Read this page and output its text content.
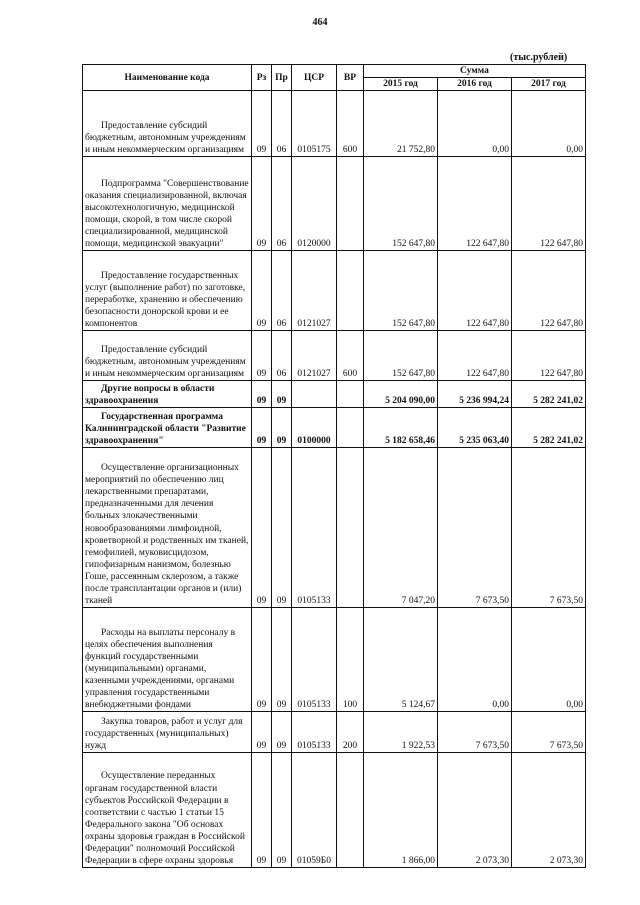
464
(тыс.рублей)
Наименование кода	Рз	Пр	ЦСР	ВР	Сумма		
					2015 год	2016 год	2017 год
Предоставление субсидий бюджетным, автономным учреждениям и иным некоммерческим организациям	09	06	0105175	600	21 752,80	0,00	0,00
Подпрограмма "Совершенствование оказания специализированной, включая высокотехнологичную, медицинской помощи, скорой, в том числе скорой специализированной, медицинской помощи, медицинской эвакуации"	09	06	0120000		152 647,80	122 647,80	122 647,80
Предоставление государственных услуг (выполнение работ) по заготовке, переработке, хранению и обеспечению безопасности донорской крови и ее компонентов	09	06	0121027		152 647,80	122 647,80	122 647,80
Предоставление субсидий бюджетным, автономным учреждениям и иным некоммерческим организациям	09	06	0121027	600	152 647,80	122 647,80	122 647,80
Другие вопросы в области здравоохранения	09	09			5 204 090,00	5 236 994,24	5 282 241,02
Государственная программа Калининградской области "Развитие здравоохранения"	09	09	0100000		5 182 658,46	5 235 063,40	5 282 241,02
Осуществление организационных мероприятий по обеспечению лиц лекарственными препаратами, предназначенными для лечения больных злокачественными новообразованиями лимфоидной, кроветворной и родственных им тканей, гемофилией, муковисцидозом, гипофизарным нанизмом, болезнью Гоше, рассеянным склерозом, а также после трансплантации органов и (или) тканей	09	09	0105133		7 047,20	7 673,50	7 673,50
Расходы на выплаты персоналу в целях обеспечения выполнения функций государственными (муниципальными) органами, казенными учреждениями, органами управления государственными внебюджетными фондами	09	09	0105133	100	5 124,67	0,00	0,00
Закупка товаров, работ и услуг для государственных (муниципальных) нужд	09	09	0105133	200	1 922,53	7 673,50	7 673,50
Осуществление переданных органам государственной власти субъектов Российской Федерации в соответствии с частью 1 статьи 15 Федерального закона "Об основах охраны здоровья граждан в Российской Федерации" полномочий Российской Федерации в сфере охраны здоровья	09	09	01059Б0		1 866,00	2 073,30	2 073,30
